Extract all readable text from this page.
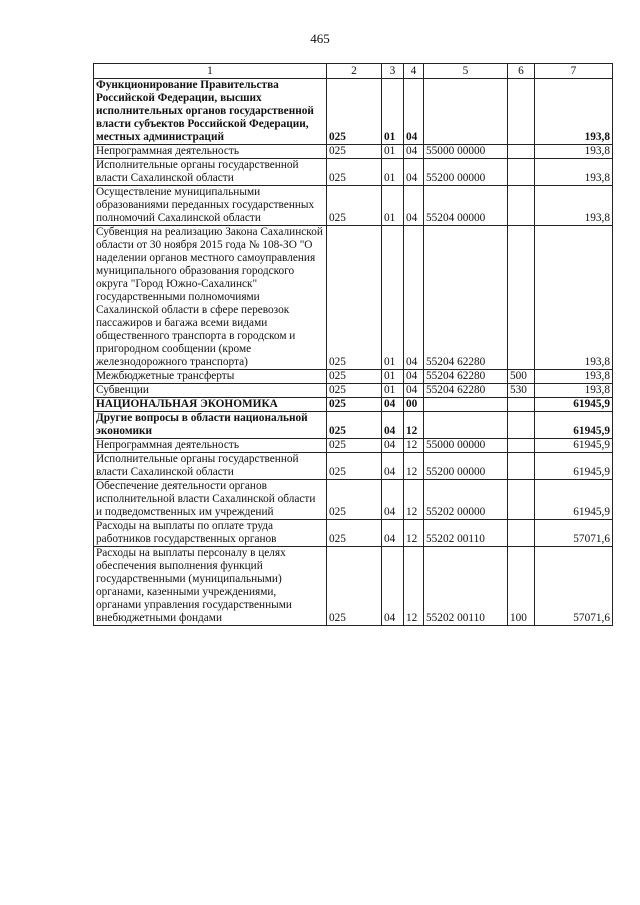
465
1	2	3	4	5	6	7
Функционирование Правительства Российской Федерации, высших исполнительных органов государственной власти субъектов Российской Федерации, местных администраций	025	01	04			193,8
Непрограммная деятельность	025	01	04	55000 00000		193,8
Исполнительные органы государственной власти Сахалинской области	025	01	04	55200 00000		193,8
Осуществление муниципальными образованиями переданных государственных полномочий Сахалинской области	025	01	04	55204 00000		193,8
Субвенция на реализацию Закона Сахалинской области от 30 ноября 2015 года № 108-ЗО "О наделении органов местного самоуправления муниципального образования городского округа "Город Южно-Сахалинск" государственными полномочиями Сахалинской области в сфере перевозок пассажиров и багажа всеми видами общественного транспорта в городском и пригородном сообщении (кроме железнодорожного транспорта)	025	01	04	55204 62280		193,8
Межбюджетные трансферты	025	01	04	55204 62280	500	193,8
Субвенции	025	01	04	55204 62280	530	193,8
НАЦИОНАЛЬНАЯ ЭКОНОМИКА	025	04	00			61945,9
Другие вопросы в области национальной экономики	025	04	12			61945,9
Непрограммная деятельность	025	04	12	55000 00000		61945,9
Исполнительные органы государственной власти Сахалинской области	025	04	12	55200 00000		61945,9
Обеспечение деятельности органов исполнительной власти Сахалинской области и подведомственных им учреждений	025	04	12	55202 00000		61945,9
Расходы на выплаты по оплате труда работников государственных органов	025	04	12	55202 00110		57071,6
Расходы на выплаты персоналу в целях обеспечения выполнения функций государственными (муниципальными) органами, казенными учреждениями, органами управления государственными внебюджетными фондами	025	04	12	55202 00110	100	57071,6
